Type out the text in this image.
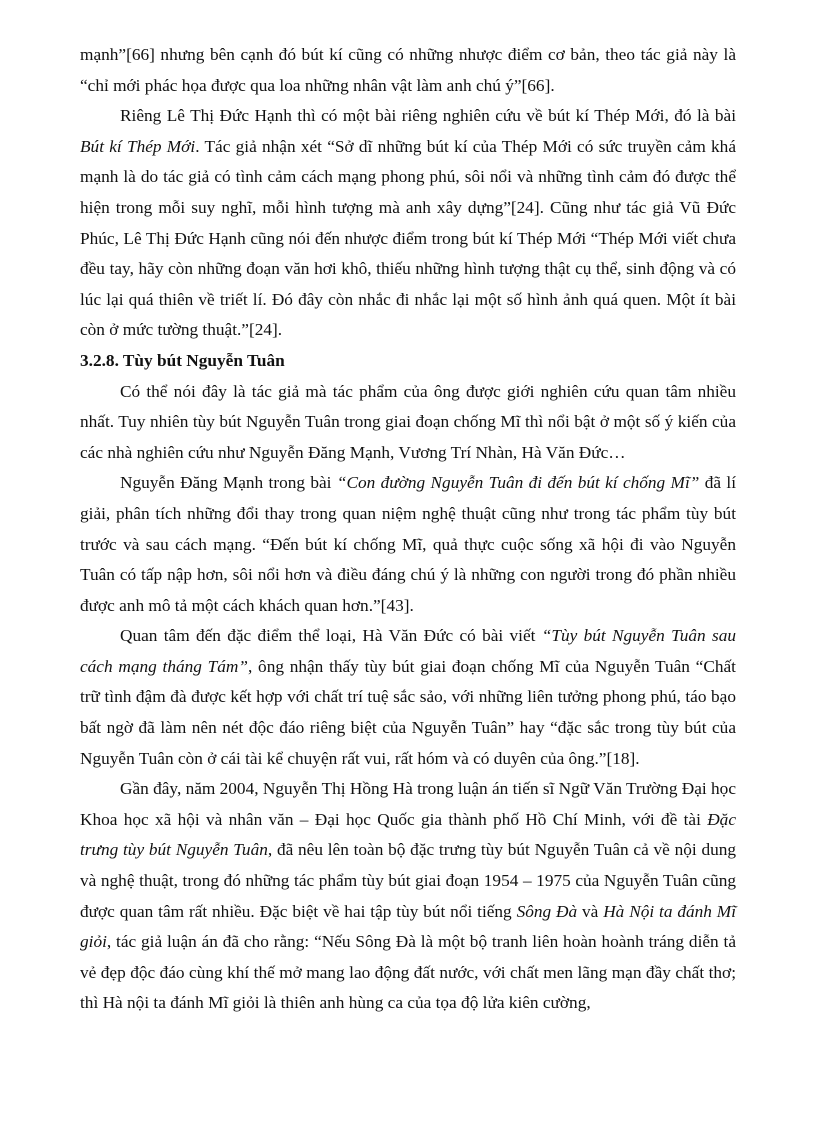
mạnh”[66] nhưng bên cạnh đó bút kí cũng có những nhược điểm cơ bản, theo tác giả này là “chỉ mới phác họa được qua loa những nhân vật làm anh chú ý”[66].

Riêng Lê Thị Đức Hạnh thì có một bài riêng nghiên cứu về bút kí Thép Mới, đó là bài Bút kí Thép Mới. Tác giả nhận xét “Sở dĩ những bút kí của Thép Mới có sức truyền cảm khá mạnh là do tác giả có tình cảm cách mạng phong phú, sôi nổi và những tình cảm đó được thể hiện trong mỗi suy nghĩ, mỗi hình tượng mà anh xây dựng”[24]. Cũng như tác giả Vũ Đức Phúc, Lê Thị Đức Hạnh cũng nói đến nhược điểm trong bút kí Thép Mới “Thép Mới viết chưa đều tay, hãy còn những đoạn văn hơi khô, thiếu những hình tượng thật cụ thể, sinh động và có lúc lại quá thiên về triết lí. Đó đây còn nhắc đi nhắc lại một số hình ảnh quá quen. Một ít bài còn ở mức tường thuật.”[24].

3.2.8. Tùy bút Nguyễn Tuân

Có thể nói đây là tác giả mà tác phẩm của ông được giới nghiên cứu quan tâm nhiều nhất. Tuy nhiên tùy bút Nguyễn Tuân trong giai đoạn chống Mĩ thì nổi bật ở một số ý kiến của các nhà nghiên cứu như Nguyễn Đăng Mạnh, Vương Trí Nhàn, Hà Văn Đức…

Nguyễn Đăng Mạnh trong bài “Con đường Nguyễn Tuân đi đến bút kí chống Mĩ” đã lí giải, phân tích những đổi thay trong quan niệm nghệ thuật cũng như trong tác phẩm tùy bút trước và sau cách mạng. “Đến bút kí chống Mĩ, quả thực cuộc sống xã hội đi vào Nguyễn Tuân có tấp nập hơn, sôi nổi hơn và điều đáng chú ý là những con người trong đó phần nhiều được anh mô tả một cách khách quan hơn.”[43].

Quan tâm đến đặc điểm thể loại, Hà Văn Đức có bài viết “Tùy bút Nguyễn Tuân sau cách mạng tháng Tám”, ông nhận thấy tùy bút giai đoạn chống Mĩ của Nguyễn Tuân “Chất trữ tình đậm đà được kết hợp với chất trí tuệ sắc sảo, với những liên tưởng phong phú, táo bạo bất ngờ đã làm nên nét độc đáo riêng biệt của Nguyễn Tuân” hay “đặc sắc trong tùy bút của Nguyễn Tuân còn ở cái tài kể chuyện rất vui, rất hóm và có duyên của ông.”[18].

Gần đây, năm 2004, Nguyễn Thị Hồng Hà trong luận án tiến sĩ Ngữ Văn Trường Đại học Khoa học xã hội và nhân văn – Đại học Quốc gia thành phố Hồ Chí Minh, với đề tài Đặc trưng tùy bút Nguyễn Tuân, đã nêu lên toàn bộ đặc trưng tùy bút Nguyễn Tuân cả về nội dung và nghệ thuật, trong đó những tác phẩm tùy bút giai đoạn 1954 – 1975 của Nguyễn Tuân cũng được quan tâm rất nhiều. Đặc biệt về hai tập tùy bút nổi tiếng Sông Đà và Hà Nội ta đánh Mĩ giỏi, tác giả luận án đã cho rằng: “Nếu Sông Đà là một bộ tranh liên hoàn hoành tráng diễn tả vẻ đẹp độc đáo cùng khí thế mở mang lao động đất nước, với chất men lãng mạn đầy chất thơ; thì Hà nội ta đánh Mĩ giỏi là thiên anh hùng ca của tọa độ lửa kiên cường,
